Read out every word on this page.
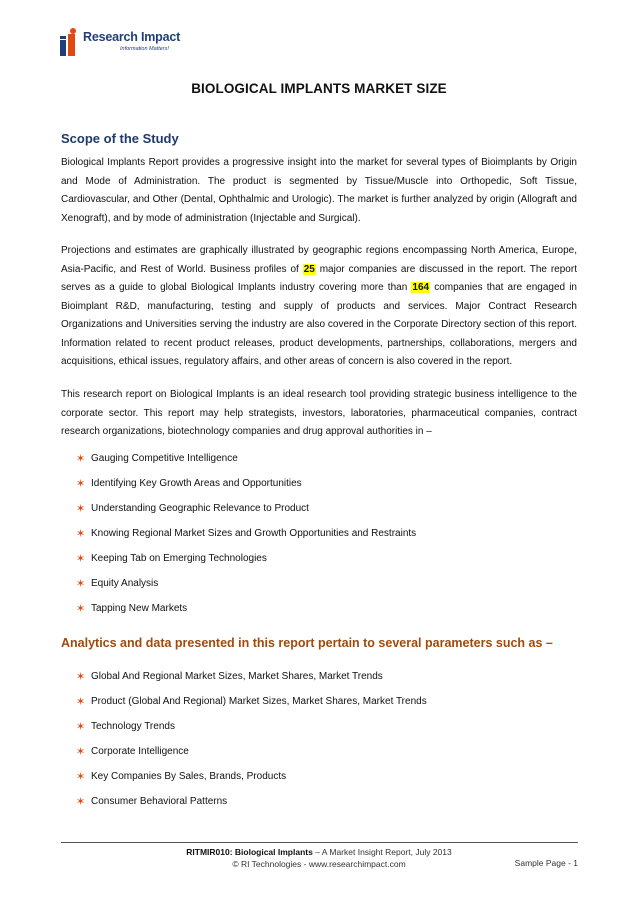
Research Impact
Information Matters!
BIOLOGICAL IMPLANTS MARKET SIZE
Scope of the Study

Biological Implants Report provides a progressive insight into the market for several types of Bioimplants by Origin and Mode of Administration. The product is segmented by Tissue/Muscle into Orthopedic, Soft Tissue, Cardiovascular, and Other (Dental, Ophthalmic and Urologic). The market is further analyzed by origin (Allograft and Xenograft), and by mode of administration (Injectable and Surgical).

Projections and estimates are graphically illustrated by geographic regions encompassing North America, Europe, Asia-Pacific, and Rest of World. Business profiles of 25 major companies are discussed in the report. The report serves as a guide to global Biological Implants industry covering more than 164 companies that are engaged in Bioimplant R&D, manufacturing, testing and supply of products and services. Major Contract Research Organizations and Universities serving the industry are also covered in the Corporate Directory section of this report. Information related to recent product releases, product developments, partnerships, collaborations, mergers and acquisitions, ethical issues, regulatory affairs, and other areas of concern is also covered in the report.

This research report on Biological Implants is an ideal research tool providing strategic business intelligence to the corporate sector. This report may help strategists, investors, laboratories, pharmaceutical companies, contract research organizations, biotechnology companies and drug approval authorities in –

✶ Gauging Competitive Intelligence
✶ Identifying Key Growth Areas and Opportunities
✶ Understanding Geographic Relevance to Product
✶ Knowing Regional Market Sizes and Growth Opportunities and Restraints
✶ Keeping Tab on Emerging Technologies
✶ Equity Analysis
✶ Tapping New Markets
Analytics and data presented in this report pertain to several parameters such as –
✶ Global And Regional Market Sizes, Market Shares, Market Trends
✶ Product (Global And Regional) Market Sizes, Market Shares, Market Trends
✶ Technology Trends
✶ Corporate Intelligence
✶ Key Companies By Sales, Brands, Products
✶ Consumer Behavioral Patterns
RITMIR010: Biological Implants – A Market Insight Report, July 2013
© RI Technologies - www.researchimpact.com	Sample Page - 1
